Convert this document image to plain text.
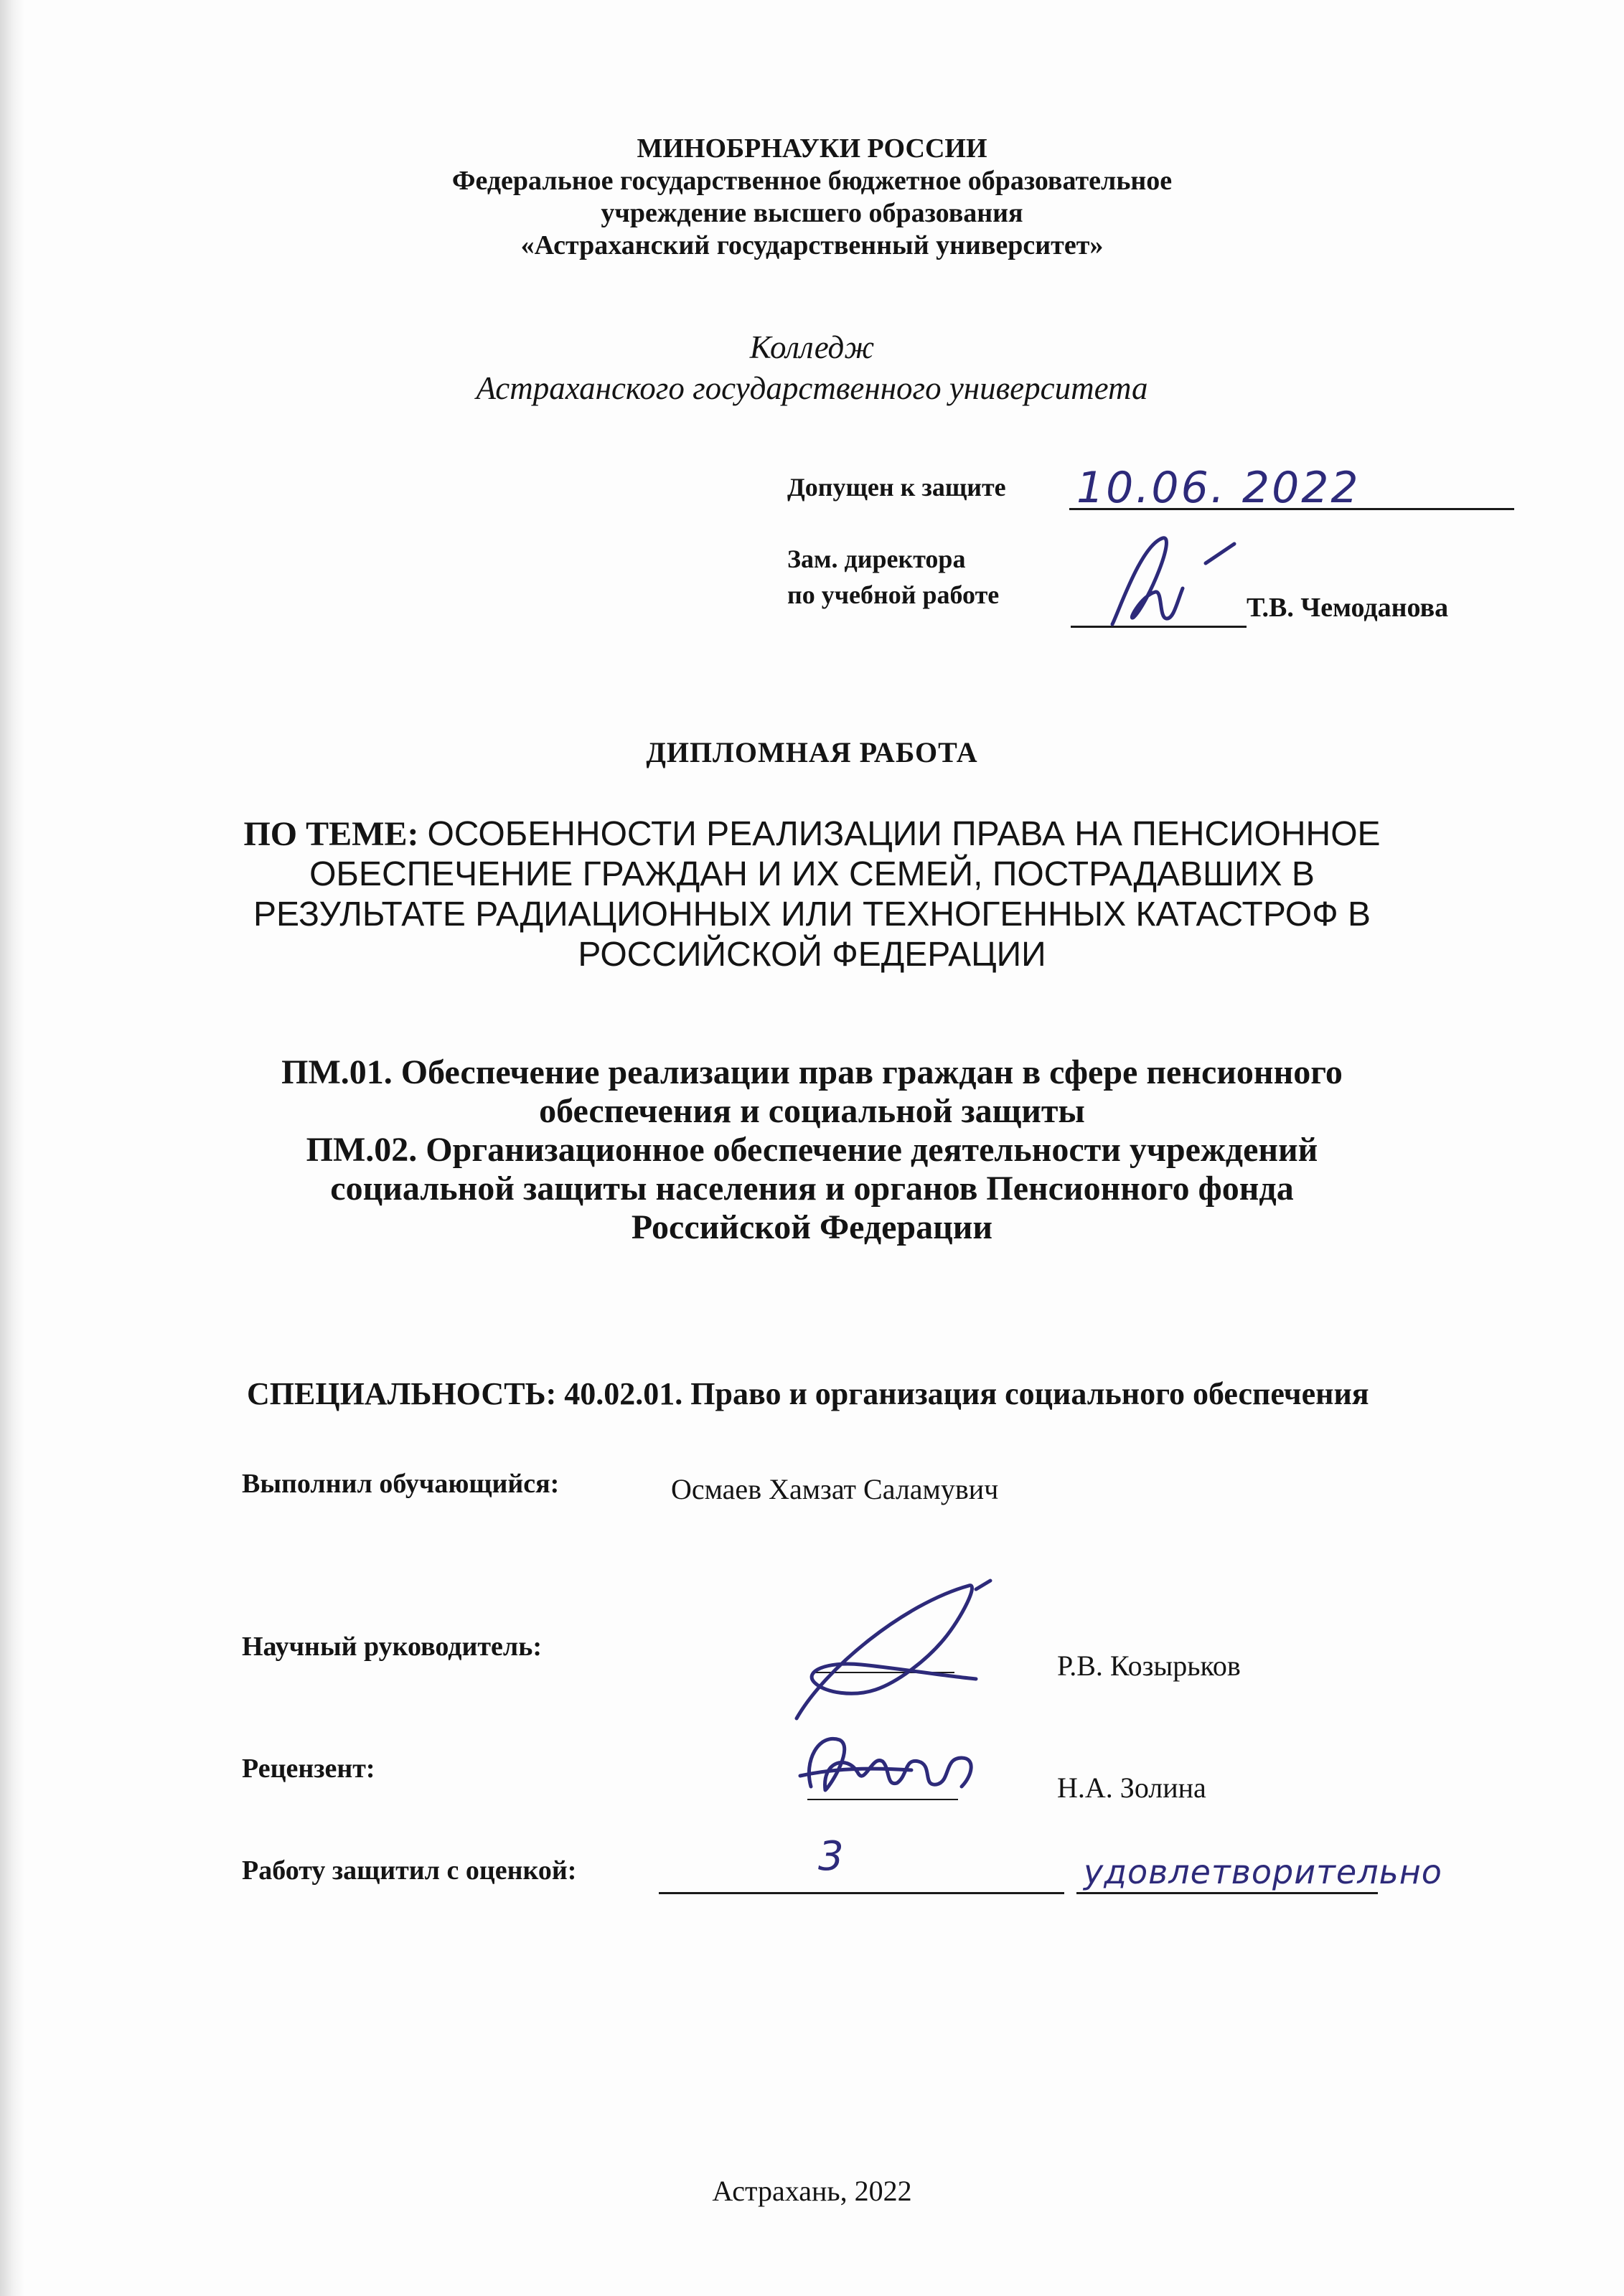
МИНОБРНАУКИ РОССИИ
Федеральное государственное бюджетное образовательное
учреждение высшего образования
«Астраханский государственный университет»
Колледж
Астраханского государственного университета
Допущен к защите 10.06. 2022
Зам. директора
по учебной работе	Т.В. Чемоданова
ДИПЛОМНАЯ РАБОТА
ПО ТЕМЕ: ОСОБЕННОСТИ РЕАЛИЗАЦИИ ПРАВА НА ПЕНСИОННОЕ
ОБЕСПЕЧЕНИЕ ГРАЖДАН И ИХ СЕМЕЙ, ПОСТРАДАВШИХ В
РЕЗУЛЬТАТЕ РАДИАЦИОННЫХ ИЛИ ТЕХНОГЕННЫХ КАТАСТРОФ В
РОССИЙСКОЙ ФЕДЕРАЦИИ
ПМ.01. Обеспечение реализации прав граждан в сфере пенсионного
обеспечения и социальной защиты
ПМ.02. Организационное обеспечение деятельности учреждений
социальной защиты населения и органов Пенсионного фонда
Российской Федерации
СПЕЦИАЛЬНОСТЬ: 40.02.01. Право и организация социального обеспечения
Выполнил обучающийся:	Осмаев Хамзат Саламувич
Научный руководитель:
Р.В. Козырьков
Рецензент:
Н.А. Золина
Работу защитил с оценкой:	3	удовлетворительно
Астрахань, 2022
